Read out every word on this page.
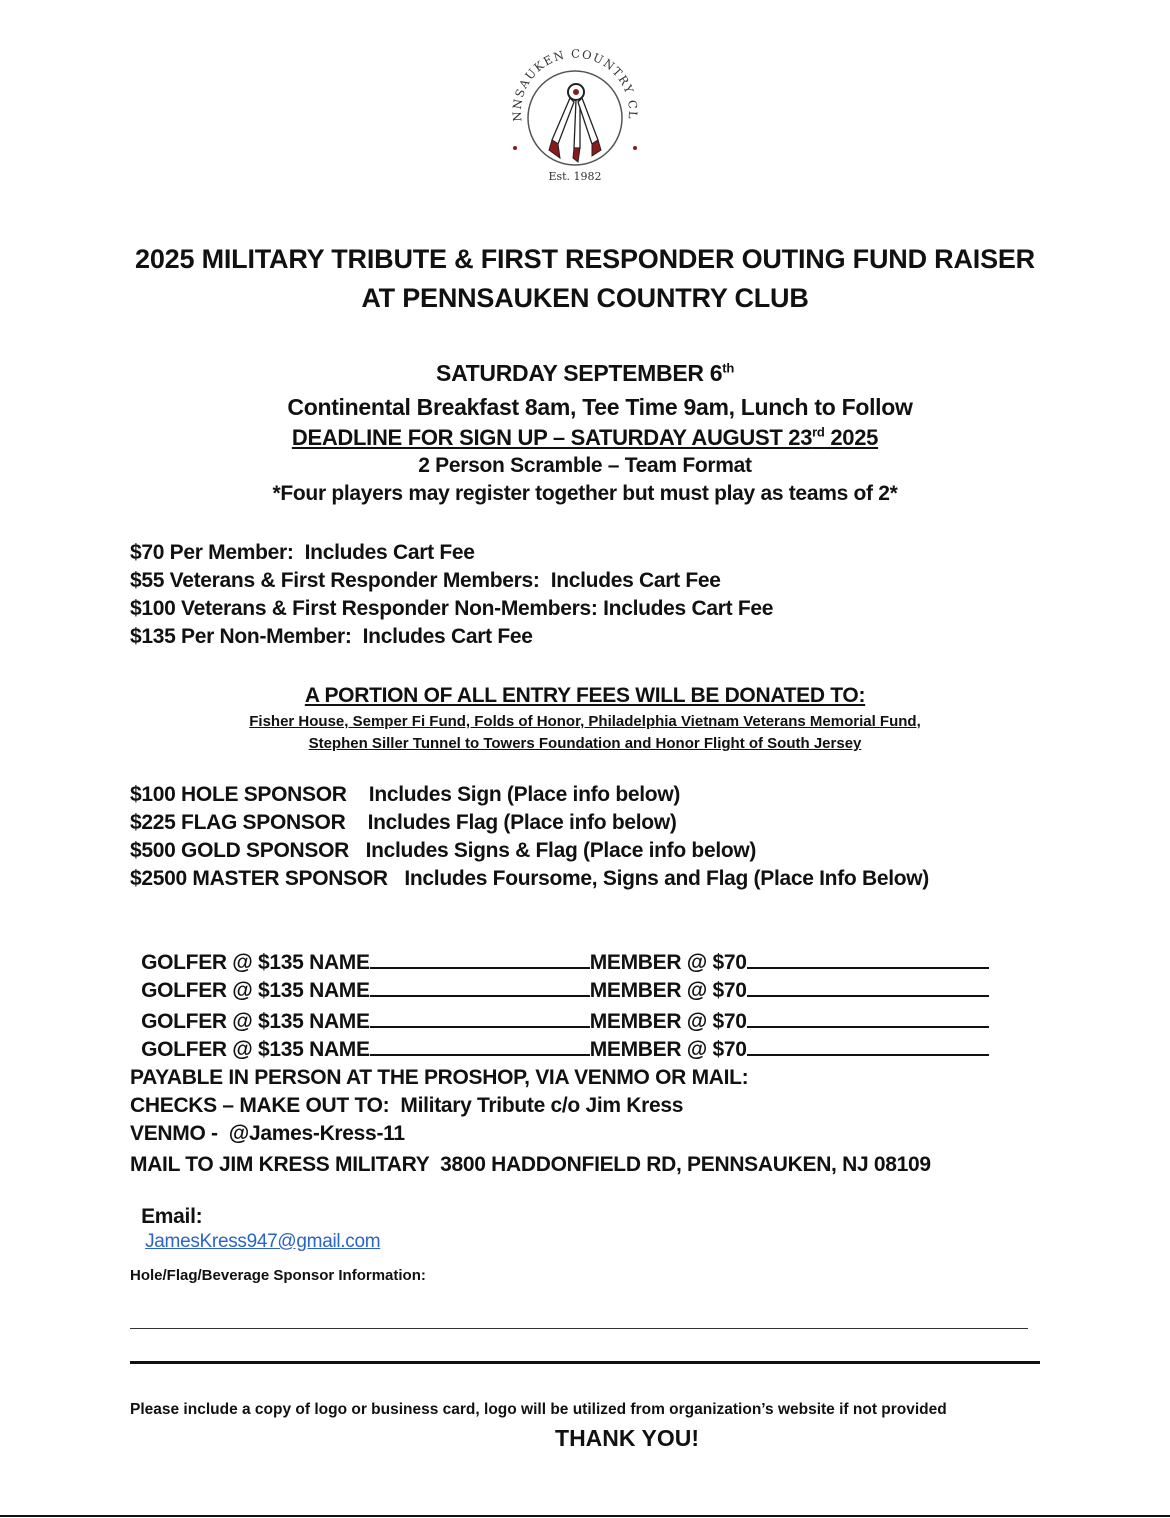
NNSAUKEN COUNTRY CL
Est. 1982
2025 MILITARY TRIBUTE & FIRST RESPONDER OUTING FUND RAISER
AT PENNSAUKEN COUNTRY CLUB
SATURDAY SEPTEMBER 6th
Continental Breakfast 8am, Tee Time 9am, Lunch to Follow
DEADLINE FOR SIGN UP – SATURDAY AUGUST 23rd 2025
2 Person Scramble – Team Format
*Four players may register together but must play as teams of 2*
$70 Per Member:  Includes Cart Fee
$55 Veterans & First Responder Members:  Includes Cart Fee
$100 Veterans & First Responder Non-Members: Includes Cart Fee
$135 Per Non-Member:  Includes Cart Fee
A PORTION OF ALL ENTRY FEES WILL BE DONATED TO:
Fisher House, Semper Fi Fund, Folds of Honor, Philadelphia Vietnam Veterans Memorial Fund,
Stephen Siller Tunnel to Towers Foundation and Honor Flight of South Jersey
$100 HOLE SPONSOR    Includes Sign (Place info below)
$225 FLAG SPONSOR    Includes Flag (Place info below)
$500 GOLD SPONSOR   Includes Signs & Flag (Place info below)
$2500 MASTER SPONSOR   Includes Foursome, Signs and Flag (Place Info Below)

GOLFER @ $135 NAME	MEMBER @ $70

GOLFER @ $135 NAME	MEMBER @ $70

GOLFER @ $135 NAME	MEMBER @ $70

GOLFER @ $135 NAME	MEMBER @ $70

PAYABLE IN PERSON AT THE PROSHOP, VIA VENMO OR MAIL:
CHECKS – MAKE OUT TO:  Military Tribute c/o Jim Kress
VENMO -  @James-Kress-11
MAIL TO JIM KRESS MILITARY  3800 HADDONFIELD RD, PENNSAUKEN, NJ 08109

Email:
JamesKress947@gmail.com

Hole/Flag/Beverage Sponsor Information:
Please include a copy of logo or business card, logo will be utilized from organization’s website if not provided
THANK YOU!
